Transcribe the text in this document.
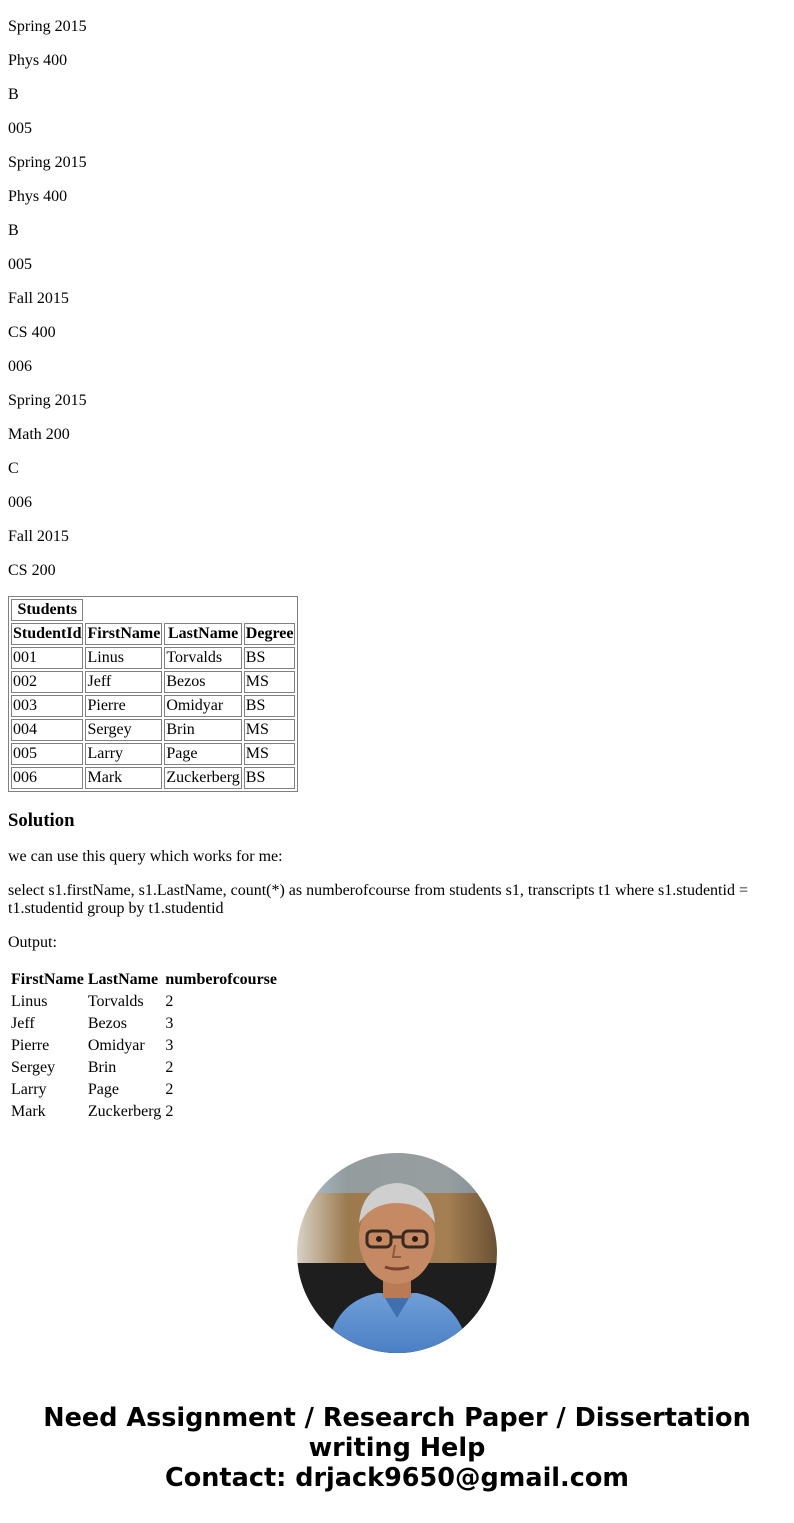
Spring 2015

Phys 400

B

005

Spring 2015

Phys 400

B

005

Fall 2015

CS 400

006

Spring 2015

Math 200

C

006

Fall 2015

CS 200

Students			
StudentId	FirstName	LastName	Degree
001	Linus	Torvalds	BS
002	Jeff	Bezos	MS
003	Pierre	Omidyar	BS
004	Sergey	Brin	MS
005	Larry	Page	MS
006	Mark	Zuckerberg	BS
Solution

we can use this query which works for me:

select s1.firstName, s1.LastName, count(*) as numberofcourse from students s1, transcripts t1 where s1.studentid = t1.studentid group by t1.studentid

Output:

FirstName	LastName	numberofcourse
Linus	Torvalds	2
Jeff	Bezos	3
Pierre	Omidyar	3
Sergey	Brin	2
Larry	Page	2
Mark	Zuckerberg	2
Need Assignment / Research Paper / Dissertation writing Help
Contact: drjack9650@gmail.com
